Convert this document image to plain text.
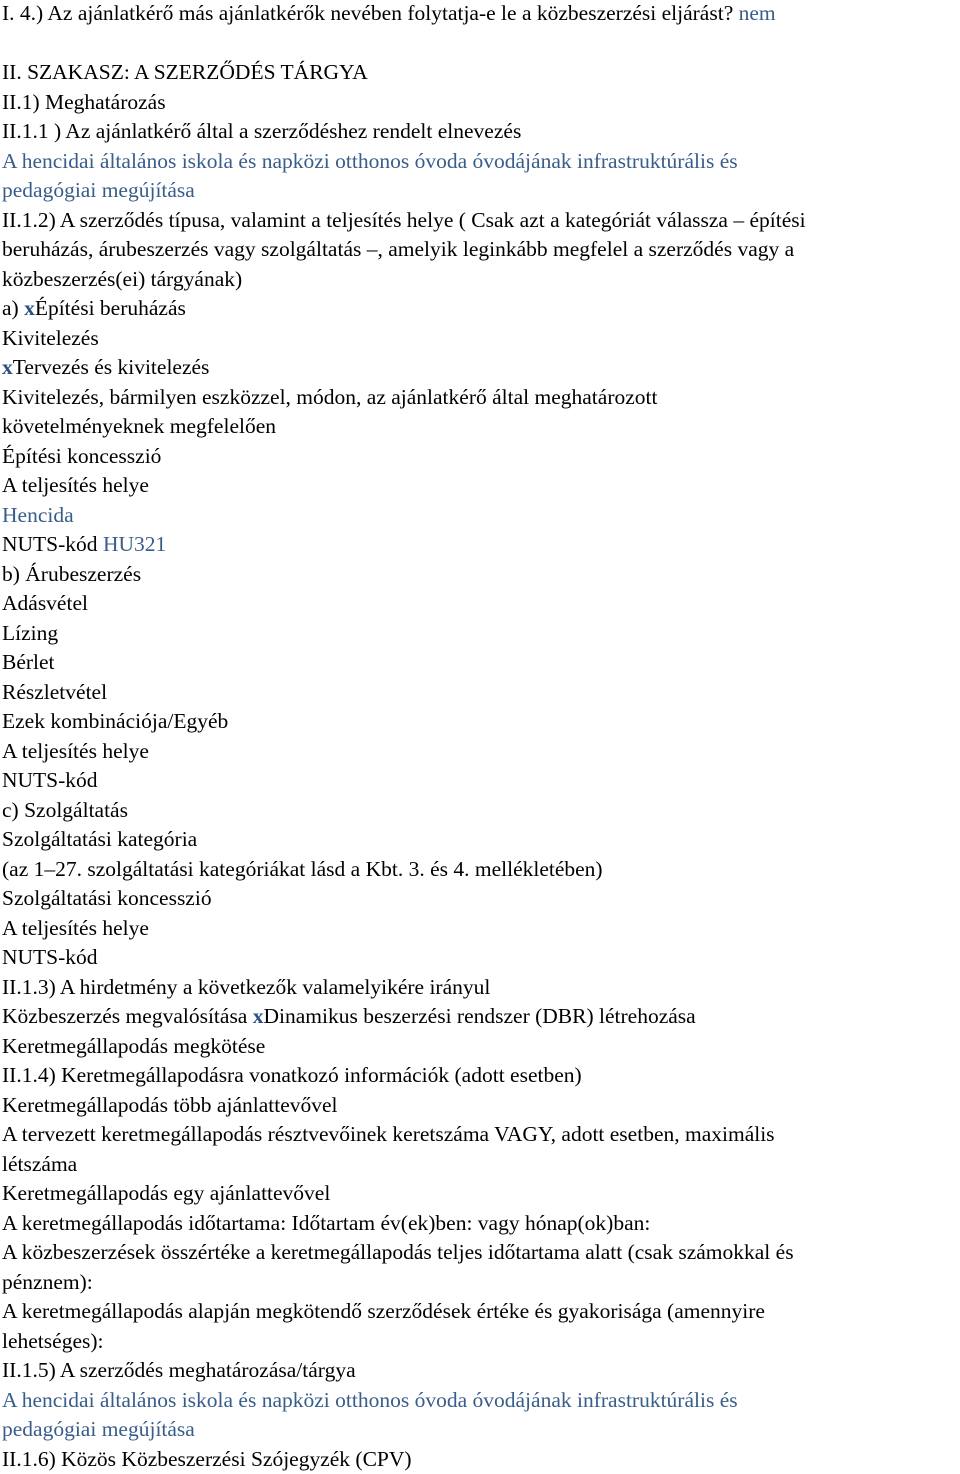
I. 4.) Az ajánlatkérő más ajánlatkérők nevében folytatja-e le a közbeszerzési eljárást? nem
II. SZAKASZ: A SZERZŐDÉS TÁRGYA
II.1) Meghatározás
II.1.1 ) Az ajánlatkérő által a szerződéshez rendelt elnevezés
A hencidai általános iskola és napközi otthonos óvoda óvodájának infrastruktúrális és
pedagógiai megújítása
II.1.2) A szerződés típusa, valamint a teljesítés helye ( Csak azt a kategóriát válassza – építési
beruházás, árubeszerzés vagy szolgáltatás –, amelyik leginkább megfelel a szerződés vagy a
közbeszerzés(ei) tárgyának)
a) xÉpítési beruházás
Kivitelezés
xTervezés és kivitelezés
Kivitelezés, bármilyen eszközzel, módon, az ajánlatkérő által meghatározott
követelményeknek megfelelően
Építési koncesszió
A teljesítés helye
Hencida
NUTS-kód HU321
b) Árubeszerzés
Adásvétel
Lízing
Bérlet
Részletvétel
Ezek kombinációja/Egyéb
A teljesítés helye
NUTS-kód
c) Szolgáltatás
Szolgáltatási kategória
(az 1–27. szolgáltatási kategóriákat lásd a Kbt. 3. és 4. mellékletében)
Szolgáltatási koncesszió
A teljesítés helye
NUTS-kód
II.1.3) A hirdetmény a következők valamelyikére irányul
Közbeszerzés megvalósítása xDinamikus beszerzési rendszer (DBR) létrehozása
Keretmegállapodás megkötése
II.1.4) Keretmegállapodásra vonatkozó információk (adott esetben)
Keretmegállapodás több ajánlattevővel
A tervezett keretmegállapodás résztvevőinek keretszáma VAGY, adott esetben, maximális
létszáma
Keretmegállapodás egy ajánlattevővel
A keretmegállapodás időtartama: Időtartam év(ek)ben: vagy hónap(ok)ban:
A közbeszerzések összértéke a keretmegállapodás teljes időtartama alatt (csak számokkal és
pénznem):
A keretmegállapodás alapján megkötendő szerződések értéke és gyakorisága (amennyire
lehetséges):
II.1.5) A szerződés meghatározása/tárgya
A hencidai általános iskola és napközi otthonos óvoda óvodájának infrastruktúrális és
pedagógiai megújítása
II.1.6) Közös Közbeszerzési Szójegyzék (CPV)
